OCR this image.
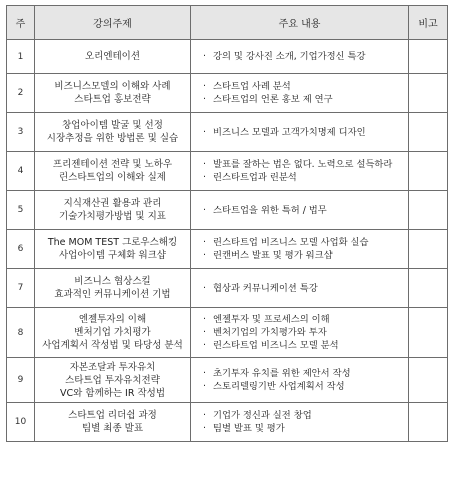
주	강의주제	주요 내용	비고
1	오리엔테이션	· 강의 및 강사진 소개, 기업가정신 특강	

2	비즈니스모델의 이해와 사례
스타트업 홍보전략	· 스타트업 사례 분석
· 스타트업의 언론 홍보 제 연구	

3	창업아이템 발굴 및 선정
시장추정을 위한 방법론 및 실습	· 비즈니스 모델과 고객가치명제 디자인	

4	프리젠테이션 전략 및 노하우
린스타트업의 이해와 실제	· 발표를 잘하는 법은 없다. 노력으로 설득하라
· 린스타트업과 린분석	

5	지식재산권 활용과 관리
기술가치평가방법 및 지표	· 스타트업을 위한 특허 / 법무	

6	The MOM TEST 그로우스해킹
사업아이템 구체화 워크샵	· 린스타트업 비즈니스 모델 사업화 실습
· 린캔버스 발표 및 평가 워크샵	

7	비즈니스 협상스킬
효과적인 커뮤니케이션 기법	· 협상과 커뮤니케이션 특강	

8	엔젤투자의 이해
벤처기업 가치평가
사업계획서 작성법 및 타당성 분석	· 엔젤투자 및 프로세스의 이해
· 벤처기업의 가치평가와 투자
· 린스타트업 비즈니스 모델 분석	

9	자본조달과 투자유치
스타트업 투자유치전략
VC와 함께하는 IR 작성법	· 초기투자 유치를 위한 제안서 작성
· 스토리텔링기반 사업계획서 작성	

10	스타트업 리더쉽 과정
팀별 최종 발표	· 기업가 정신과 실전 창업
· 팀별 발표 및 평가	
